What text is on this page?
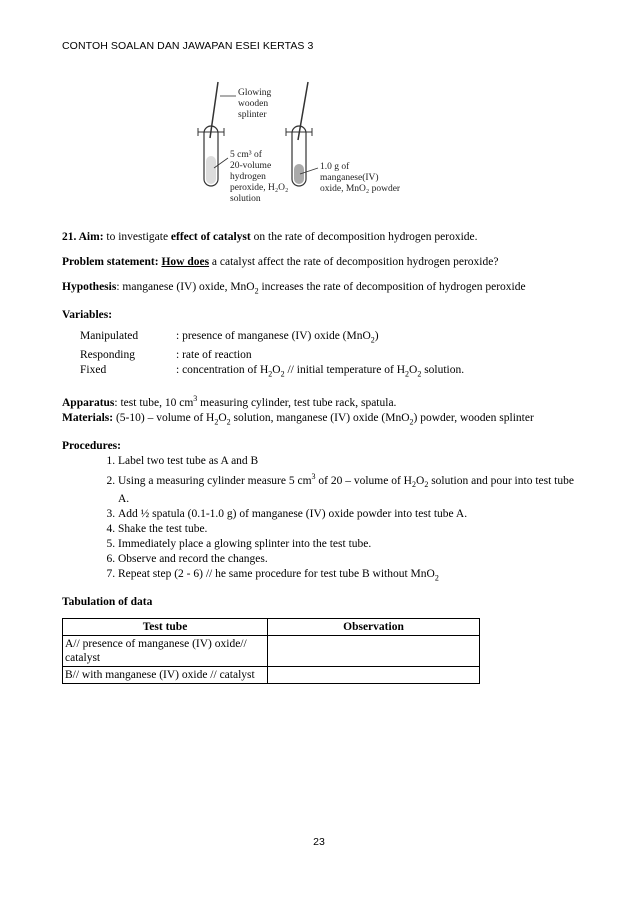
CONTOH SOALAN DAN JAWAPAN ESEI KERTAS 3
Glowing
wooden
splinter
5 cm³ of
20-volume
hydrogen
peroxide, H₂O₂
solution
1.0 g of
manganese(IV)
oxide, MnO₂ powder

21. Aim: to investigate effect of catalyst on the rate of decomposition hydrogen peroxide.

Problem statement: How does a catalyst affect the rate of decomposition hydrogen peroxide?

Hypothesis: manganese (IV) oxide, MnO$_2$ increases the rate of decomposition of hydrogen peroxide

Variables:
Manipulated	: presence of manganese (IV) oxide (MnO$_2$)
Responding	: rate of reaction
Fixed	: concentration of $H_2O_2$ // initial temperature of $H_2O_2$ solution.
Apparatus: test tube, 10 $cm^3$ measuring cylinder, test tube rack, spatula.

Materials: (5-10) – volume of $H_2O_2$ solution, manganese (IV) oxide (MnO$_2$) powder, wooden splinter

Procedures:
1. Label two test tube as A and B
2. Using a measuring cylinder measure 5 $cm^3$ of 20 – volume of $H_2O_2$ solution and pour into test tube A.
3. Add ½ spatula (0.1-1.0 g) of manganese (IV) oxide powder into test tube A.
4. Shake the test tube.
5. Immediately place a glowing splinter into the test tube.
6. Observe and record the changes.
7. Repeat step (2 - 6) // he same procedure for test tube B without MnO$_2$
Tabulation of data
Test tube	Observation
A// presence of manganese (IV) oxide// catalyst	
B// with manganese (IV) oxide // catalyst	
23
